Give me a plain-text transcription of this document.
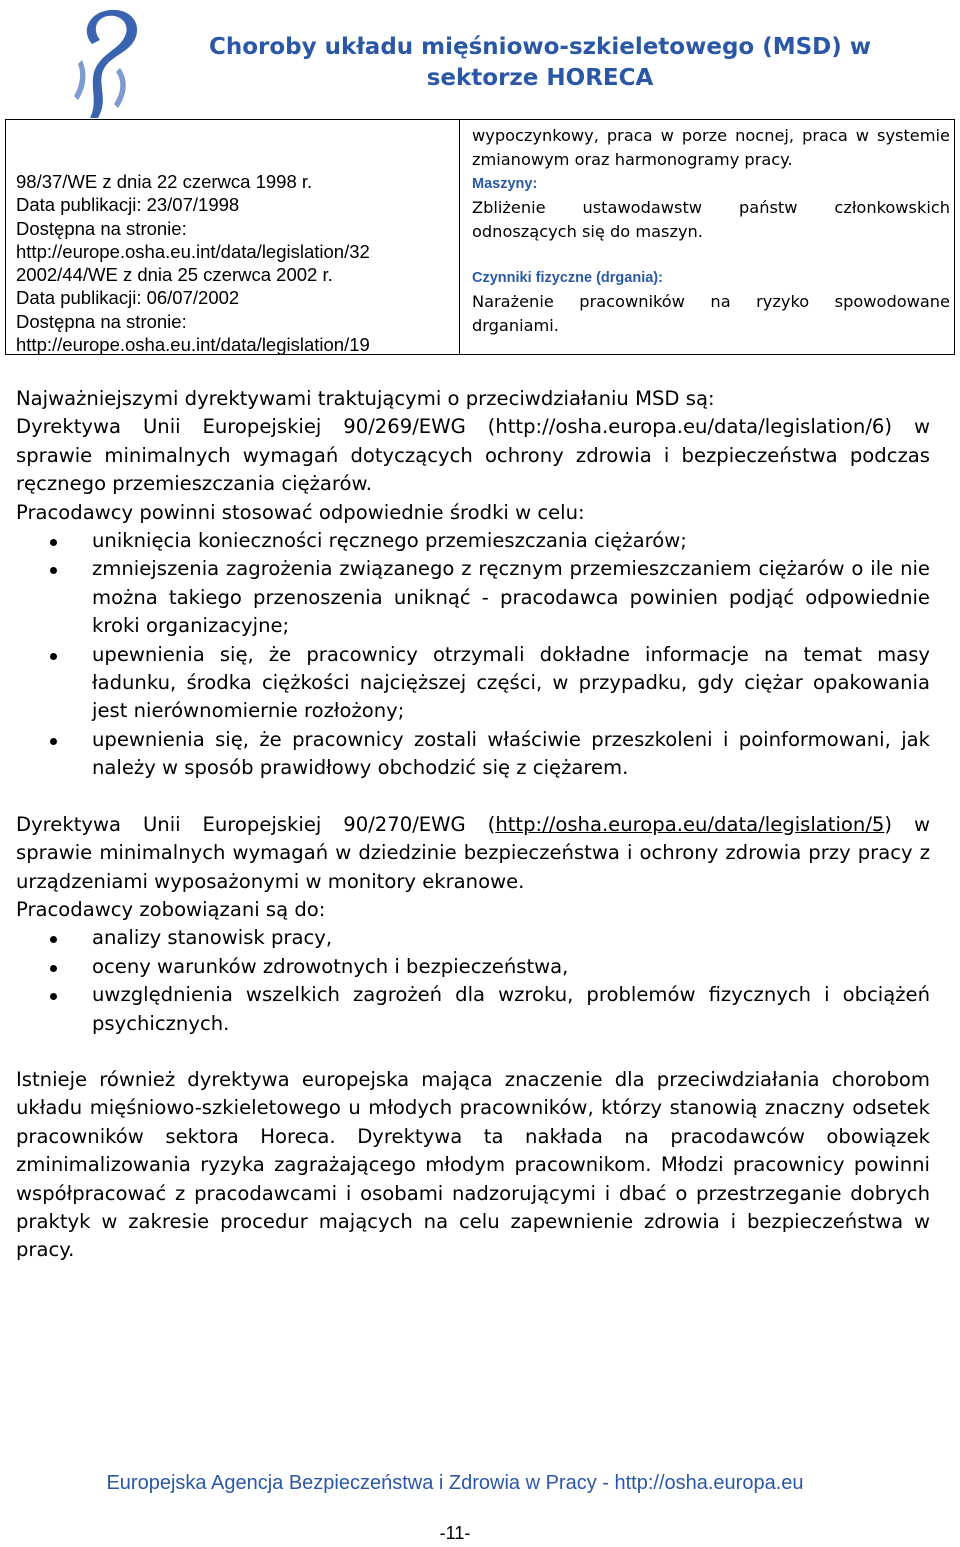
Choroby układu mięśniowo-szkieletowego (MSD) w
sektorze HORECA
98/37/WE z dnia 22 czerwca 1998 r.
Data publikacji: 23/07/1998
Dostępna na stronie:
http://europe.osha.eu.int/data/legislation/32
2002/44/WE z dnia 25 czerwca 2002 r.
Data publikacji: 06/07/2002
Dostępna na stronie:
http://europe.osha.eu.int/data/legislation/19
wypoczynkowy, praca w porze nocnej, praca w systemie zmianowym oraz harmonogramy pracy.
Maszyny:
Zbliżenie ustawodawstw państw członkowskich odnoszących się do maszyn.
Czynniki fizyczne (drgania):
Narażenie pracowników na ryzyko spowodowane drganiami.

Najważniejszymi dyrektywami traktującymi o przeciwdziałaniu MSD są:

Dyrektywa Unii Europejskiej 90/269/EWG (http://osha.europa.eu/data/legislation/6) w sprawie minimalnych wymagań dotyczących ochrony zdrowia i bezpieczeństwa podczas ręcznego przemieszczania ciężarów.

Pracodawcy powinni stosować odpowiednie środki w celu:

uniknięcia konieczności ręcznego przemieszczania ciężarów;
zmniejszenia zagrożenia związanego z ręcznym przemieszczaniem ciężarów o ile nie można takiego przenoszenia uniknąć - pracodawca powinien podjąć odpowiednie kroki organizacyjne;
upewnienia się, że pracownicy otrzymali dokładne informacje na temat masy ładunku, środka ciężkości najcięższej części, w przypadku, gdy ciężar opakowania jest nierównomiernie rozłożony;
upewnienia się, że pracownicy zostali właściwie przeszkoleni i poinformowani, jak należy w sposób prawidłowy obchodzić się z ciężarem.

Dyrektywa Unii Europejskiej 90/270/EWG (http://osha.europa.eu/data/legislation/5) w sprawie minimalnych wymagań w dziedzinie bezpieczeństwa i ochrony zdrowia przy pracy z urządzeniami wyposażonymi w monitory ekranowe.

Pracodawcy zobowiązani są do:

analizy stanowisk pracy,
oceny warunków zdrowotnych i bezpieczeństwa,
uwzględnienia wszelkich zagrożeń dla wzroku, problemów fizycznych i obciążeń psychicznych.

Istnieje również dyrektywa europejska mająca znaczenie dla przeciwdziałania chorobom układu mięśniowo-szkieletowego u młodych pracowników, którzy stanowią znaczny odsetek pracowników sektora Horeca. Dyrektywa ta nakłada na pracodawców obowiązek zminimalizowania ryzyka zagrażającego młodym pracownikom. Młodzi pracownicy powinni współpracować z pracodawcami i osobami nadzorującymi i dbać o przestrzeganie dobrych praktyk w zakresie procedur mających na celu zapewnienie zdrowia i bezpieczeństwa w pracy.

Europejska Agencja Bezpieczeństwa i Zdrowia w Pracy - http://osha.europa.eu
-11-
